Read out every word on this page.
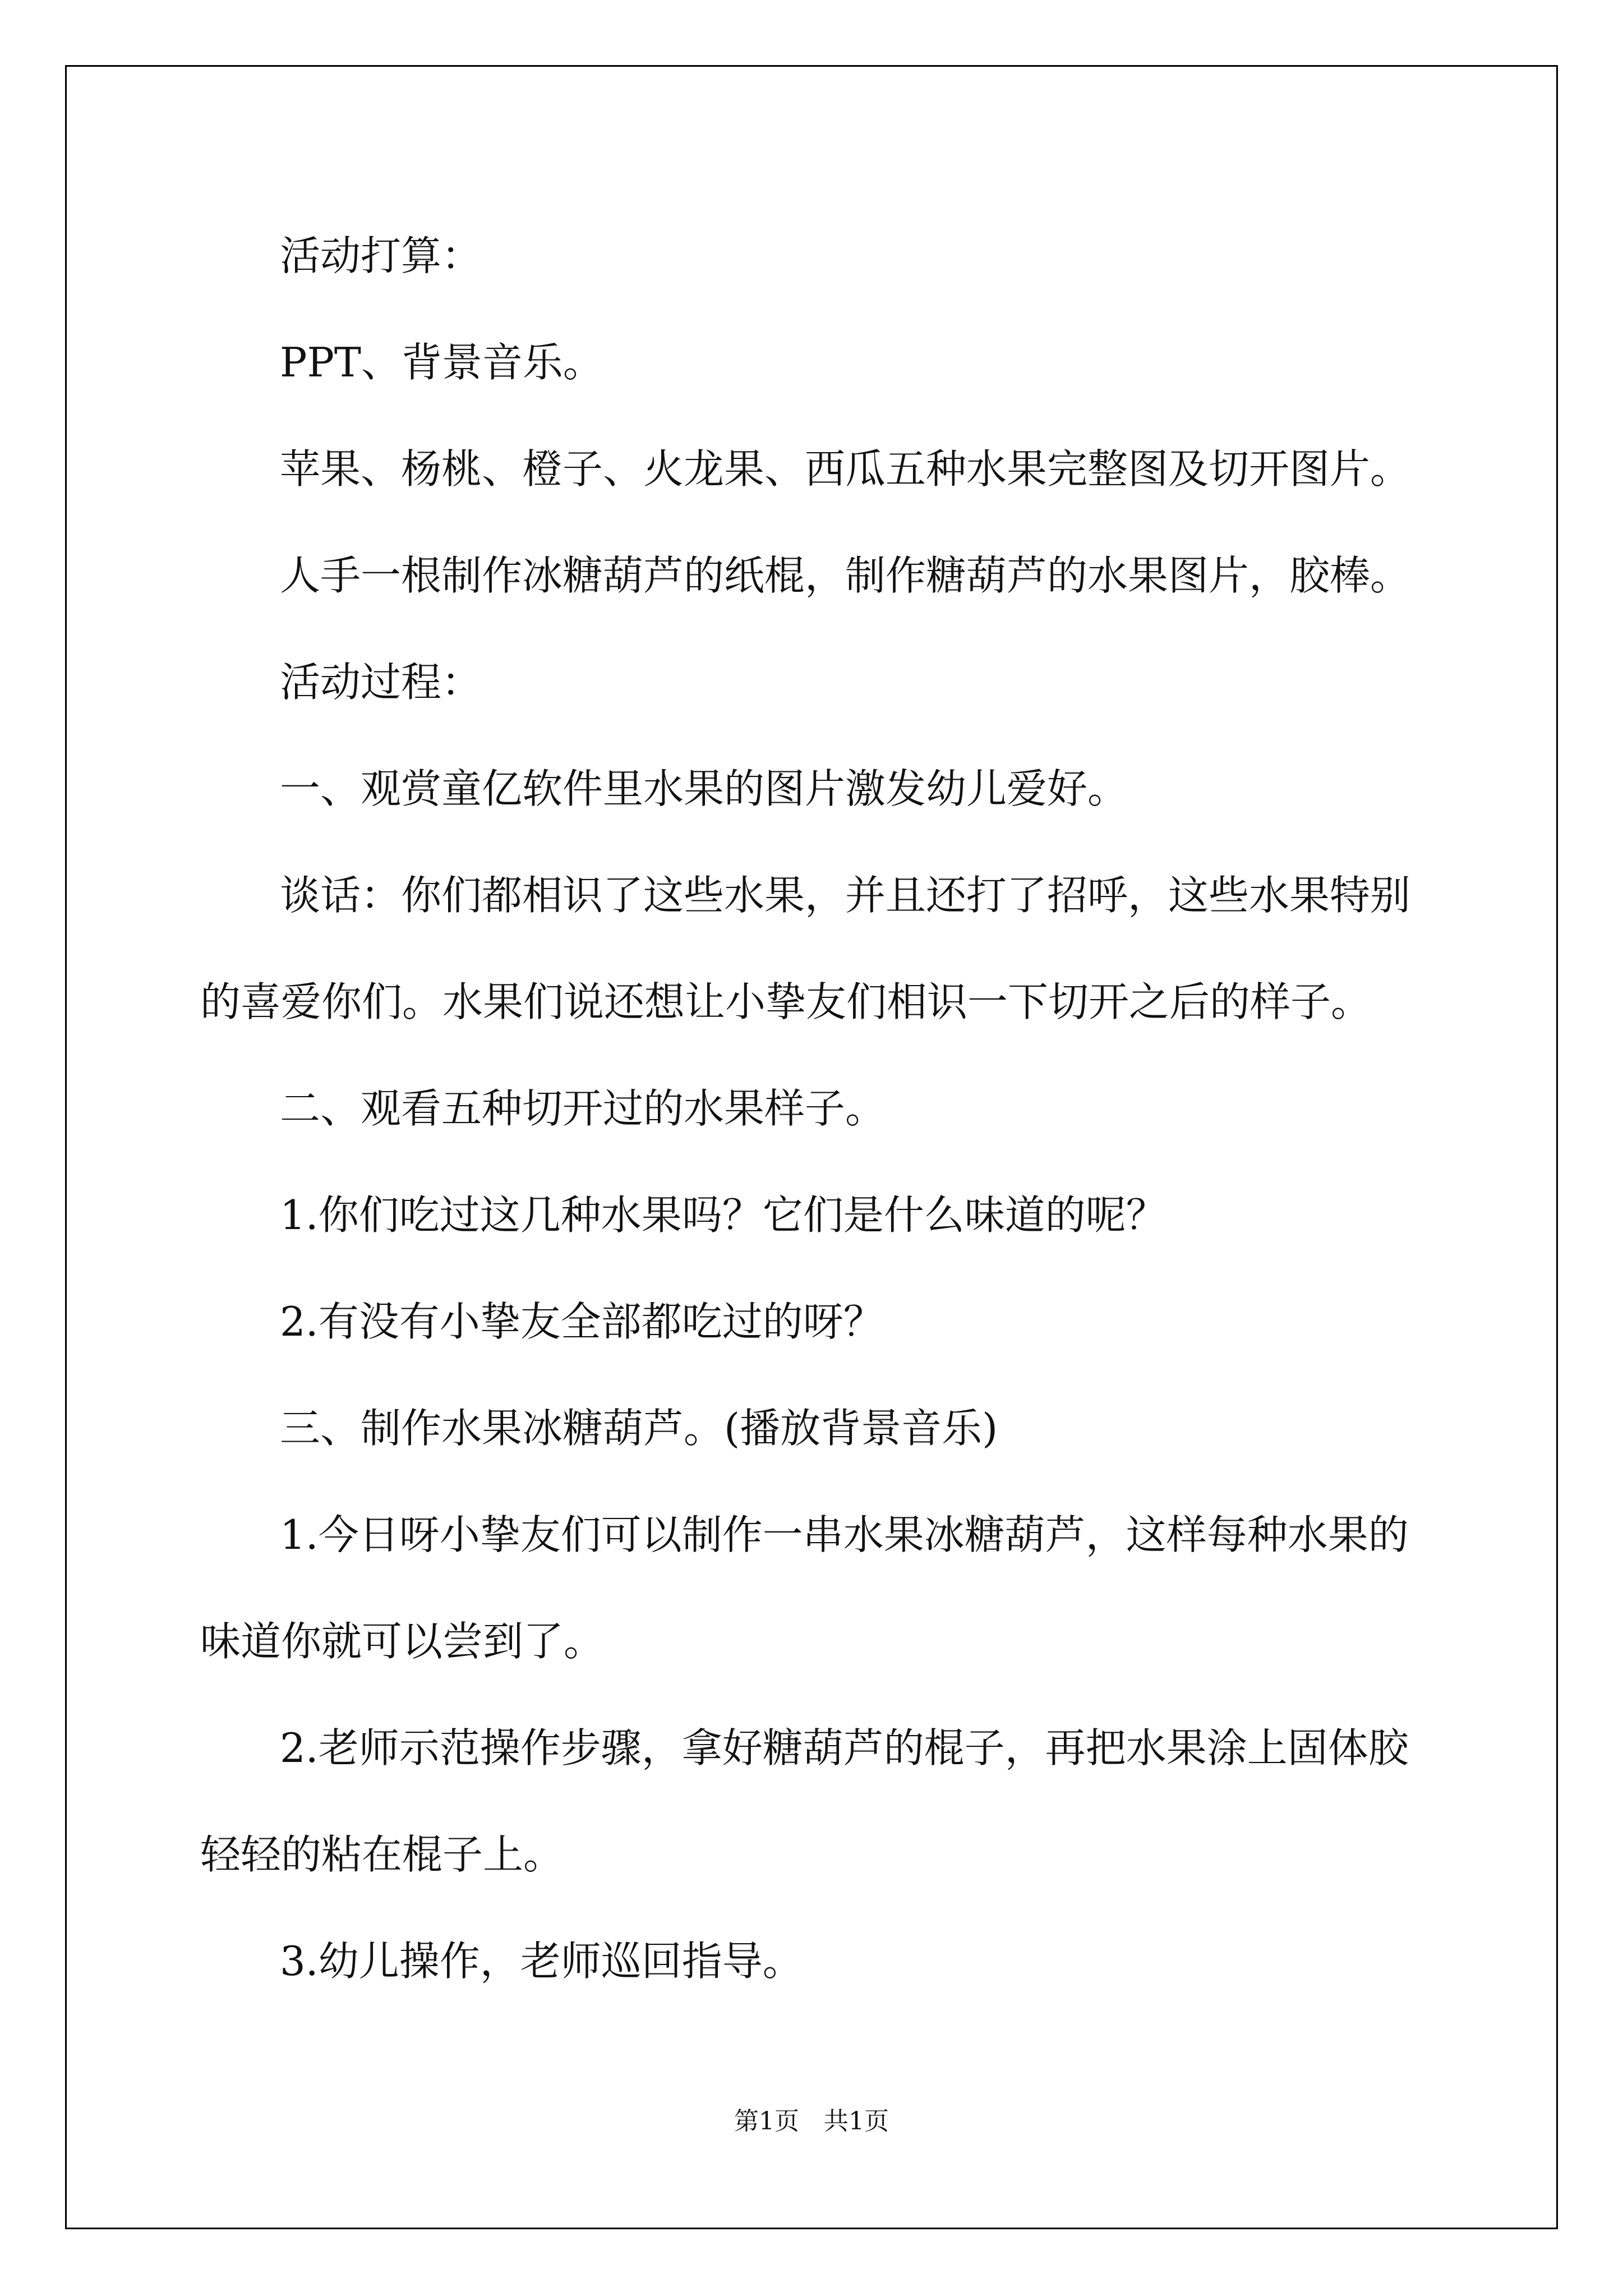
活动打算：

PPT、背景音乐。

苹果、杨桃、橙子、火龙果、西瓜五种水果完整图及切开图片。

人手一根制作冰糖葫芦的纸棍，制作糖葫芦的水果图片，胶棒。

活动过程：

一、观赏童亿软件里水果的图片激发幼儿爱好。

谈话：你们都相识了这些水果，并且还打了招呼，这些水果特别

的喜爱你们。水果们说还想让小挚友们相识一下切开之后的样子。

二、观看五种切开过的水果样子。

1.你们吃过这几种水果吗？它们是什么味道的呢？

2.有没有小挚友全部都吃过的呀？

三、制作水果冰糖葫芦。(播放背景音乐)

1.今日呀小挚友们可以制作一串水果冰糖葫芦，这样每种水果的

味道你就可以尝到了。

2.老师示范操作步骤，拿好糖葫芦的棍子，再把水果涂上固体胶

轻轻的粘在棍子上。

3.幼儿操作，老师巡回指导。

第1页　共1页
